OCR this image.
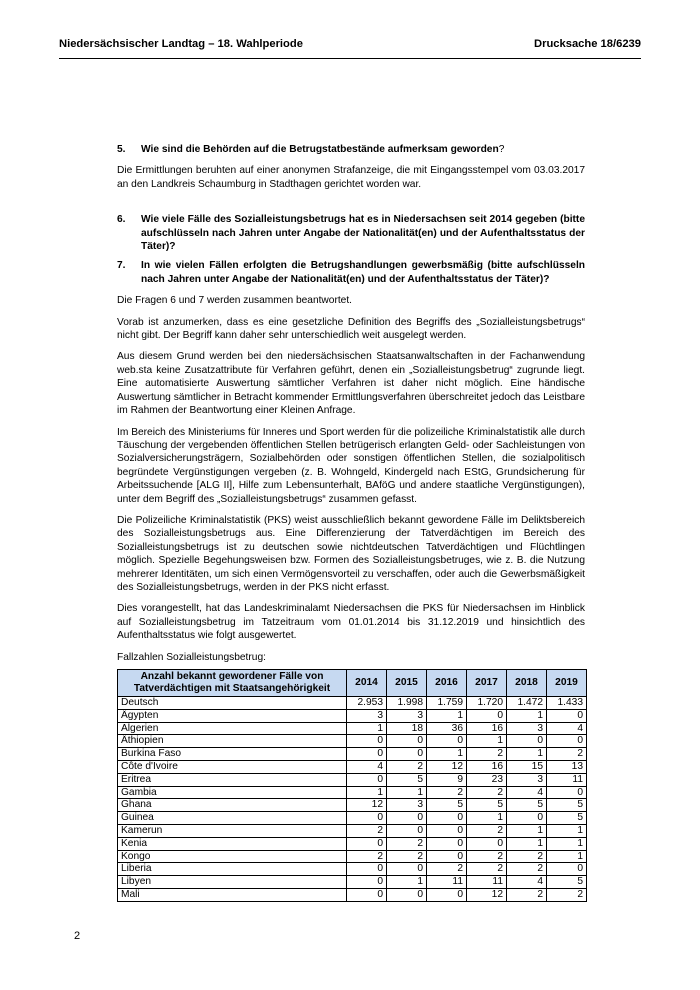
Niedersächsischer Landtag – 18. Wahlperiode	Drucksache 18/6239
5.	Wie sind die Behörden auf die Betrugstatbestände aufmerksam geworden?

Die Ermittlungen beruhten auf einer anonymen Strafanzeige, die mit Eingangsstempel vom 03.03.2017 an den Landkreis Schaumburg in Stadthagen gerichtet worden war.

6.	Wie viele Fälle des Sozialleistungsbetrugs hat es in Niedersachsen seit 2014 gegeben (bitte aufschlüsseln nach Jahren unter Angabe der Nationalität(en) und der Aufenthaltsstatus der Täter)?
7.	In wie vielen Fällen erfolgten die Betrugshandlungen gewerbsmäßig (bitte aufschlüsseln nach Jahren unter Angabe der Nationalität(en) und der Aufenthaltsstatus der Täter)?

Die Fragen 6 und 7 werden zusammen beantwortet.

Vorab ist anzumerken, dass es eine gesetzliche Definition des Begriffs des „Sozialleistungsbetrugs“ nicht gibt. Der Begriff kann daher sehr unterschiedlich weit ausgelegt werden.

Aus diesem Grund werden bei den niedersächsischen Staatsanwaltschaften in der Fachanwendung web.sta keine Zusatzattribute für Verfahren geführt, denen ein „Sozialleistungsbetrug“ zugrunde liegt. Eine automatisierte Auswertung sämtlicher Verfahren ist daher nicht möglich. Eine händische Auswertung sämtlicher in Betracht kommender Ermittlungsverfahren überschreitet jedoch das Leistbare im Rahmen der Beantwortung einer Kleinen Anfrage.

Im Bereich des Ministeriums für Inneres und Sport werden für die polizeiliche Kriminalstatistik alle durch Täuschung der vergebenden öffentlichen Stellen betrügerisch erlangten Geld- oder Sachleistungen von Sozialversicherungsträgern, Sozialbehörden oder sonstigen öffentlichen Stellen, die sozialpolitisch begründete Vergünstigungen vergeben (z. B. Wohngeld, Kindergeld nach EStG, Grundsicherung für Arbeitssuchende [ALG II], Hilfe zum Lebensunterhalt, BAföG und andere staatliche Vergünstigungen), unter dem Begriff des „Sozialleistungsbetrugs“ zusammen gefasst.

Die Polizeiliche Kriminalstatistik (PKS) weist ausschließlich bekannt gewordene Fälle im Deliktsbereich des Sozialleistungsbetrugs aus. Eine Differenzierung der Tatverdächtigen im Bereich des Sozialleistungsbetrugs ist zu deutschen sowie nichtdeutschen Tatverdächtigen und Flüchtlingen möglich. Spezielle Begehungsweisen bzw. Formen des Sozialleistungsbetruges, wie z. B. die Nutzung mehrerer Identitäten, um sich einen Vermögensvorteil zu verschaffen, oder auch die Gewerbsmäßigkeit des Sozialleistungsbetrugs, werden in der PKS nicht erfasst.

Dies vorangestellt, hat das Landeskriminalamt Niedersachsen die PKS für Niedersachsen im Hinblick auf Sozialleistungsbetrug im Tatzeitraum vom 01.01.2014 bis 31.12.2019 und hinsichtlich des Aufenthaltsstatus wie folgt ausgewertet.

Fallzahlen Sozialleistungsbetrug:

Anzahl bekannt gewordener Fälle von Tatverdächtigen mit Staatsangehörigkeit	2014	2015	2016	2017	2018	2019
Deutsch	2.953	1.998	1.759	1.720	1.472	1.433
Ägypten	3	3	1	0	1	0
Algerien	1	18	36	16	3	4
Äthiopien	0	0	0	1	0	0
Burkina Faso	0	0	1	2	1	2
Côte d'Ivoire	4	2	12	16	15	13
Eritrea	0	5	9	23	3	11
Gambia	1	1	2	2	4	0
Ghana	12	3	5	5	5	5
Guinea	0	0	0	1	0	5
Kamerun	2	0	0	2	1	1
Kenia	0	2	0	0	1	1
Kongo	2	2	0	2	2	1
Liberia	0	0	2	2	2	0
Libyen	0	1	11	11	4	5
Mali	0	0	0	12	2	2
2
